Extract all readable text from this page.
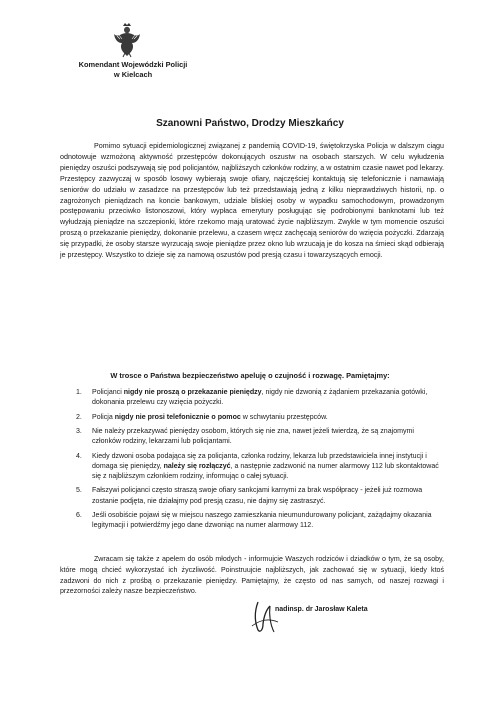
Komendant Wojewódzki Policji
w Kielcach
Szanowni Państwo, Drodzy Mieszkańcy

Pomimo sytuacji epidemiologicznej związanej z pandemią COVID-19, świętokrzyska Policja w dalszym ciągu odnotowuje wzmożoną aktywność przestępców dokonujących oszustw na osobach starszych. W celu wyłudzenia pieniędzy oszuści podszywają się pod policjantów, najbliższych członków rodziny, a w ostatnim czasie nawet pod lekarzy. Przestępcy zazwyczaj w sposób losowy wybierają swoje ofiary, najczęściej kontaktują się telefonicznie i namawiają seniorów do udziału w zasadzce na przestępców lub też przedstawiają jedną z kilku nieprawdziwych historii, np. o zagrożonych pieniądzach na koncie bankowym, udziale bliskiej osoby w wypadku samochodowym, prowadzonym postępowaniu przeciwko listonoszowi, który wypłaca emerytury posługując się podrobionymi banknotami lub też wyłudzają pieniądze na szczepionki, które rzekomo mają uratować życie najbliższym. Zwykle w tym momencie oszuści proszą o przekazanie pieniędzy, dokonanie przelewu, a czasem wręcz zachęcają seniorów do wzięcia pożyczki. Zdarzają się przypadki, że osoby starsze wyrzucają swoje pieniądze przez okno lub wrzucają je do kosza na śmieci skąd odbierają je przestępcy. Wszystko to dzieje się za namową oszustów pod presją czasu i towarzyszących emocji.

W trosce o Państwa bezpieczeństwo apeluję o czujność i rozwagę. Pamiętajmy:
1. Policjanci nigdy nie proszą o przekazanie pieniędzy, nigdy nie dzwonią z żądaniem przekazania gotówki, dokonania przelewu czy wzięcia pożyczki.
2. Policja nigdy nie prosi telefonicznie o pomoc w schwytaniu przestępców.
3. Nie należy przekazywać pieniędzy osobom, których się nie zna, nawet jeżeli twierdzą, że są znajomymi członków rodziny, lekarzami lub policjantami.
4. Kiedy dzwoni osoba podająca się za policjanta, członka rodziny, lekarza lub przedstawiciela innej instytucji i domaga się pieniędzy, należy się rozłączyć, a następnie zadzwonić na numer alarmowy 112 lub skontaktować się z najbliższym członkiem rodziny, informując o całej sytuacji.
5. Fałszywi policjanci często straszą swoje ofiary sankcjami karnymi za brak współpracy - jeżeli już rozmowa zostanie podjęta, nie działajmy pod presją czasu, nie dajmy się zastraszyć.
6. Jeśli osobiście pojawi się w miejscu naszego zamieszkania nieumundurowany policjant, zażądajmy okazania legitymacji i potwierdźmy jego dane dzwoniąc na numer alarmowy 112.

Zwracam się także z apelem do osób młodych - informujcie Waszych rodziców i dziadków o tym, że są osoby, które mogą chcieć wykorzystać ich życzliwość. Poinstruujcie najbliższych, jak zachować się w sytuacji, kiedy ktoś zadzwoni do nich z prośbą o przekazanie pieniędzy. Pamiętajmy, że często od nas samych, od naszej rozwagi i przezorności zależy nasze bezpieczeństwo.

nadinsp. dr Jarosław Kaleta
